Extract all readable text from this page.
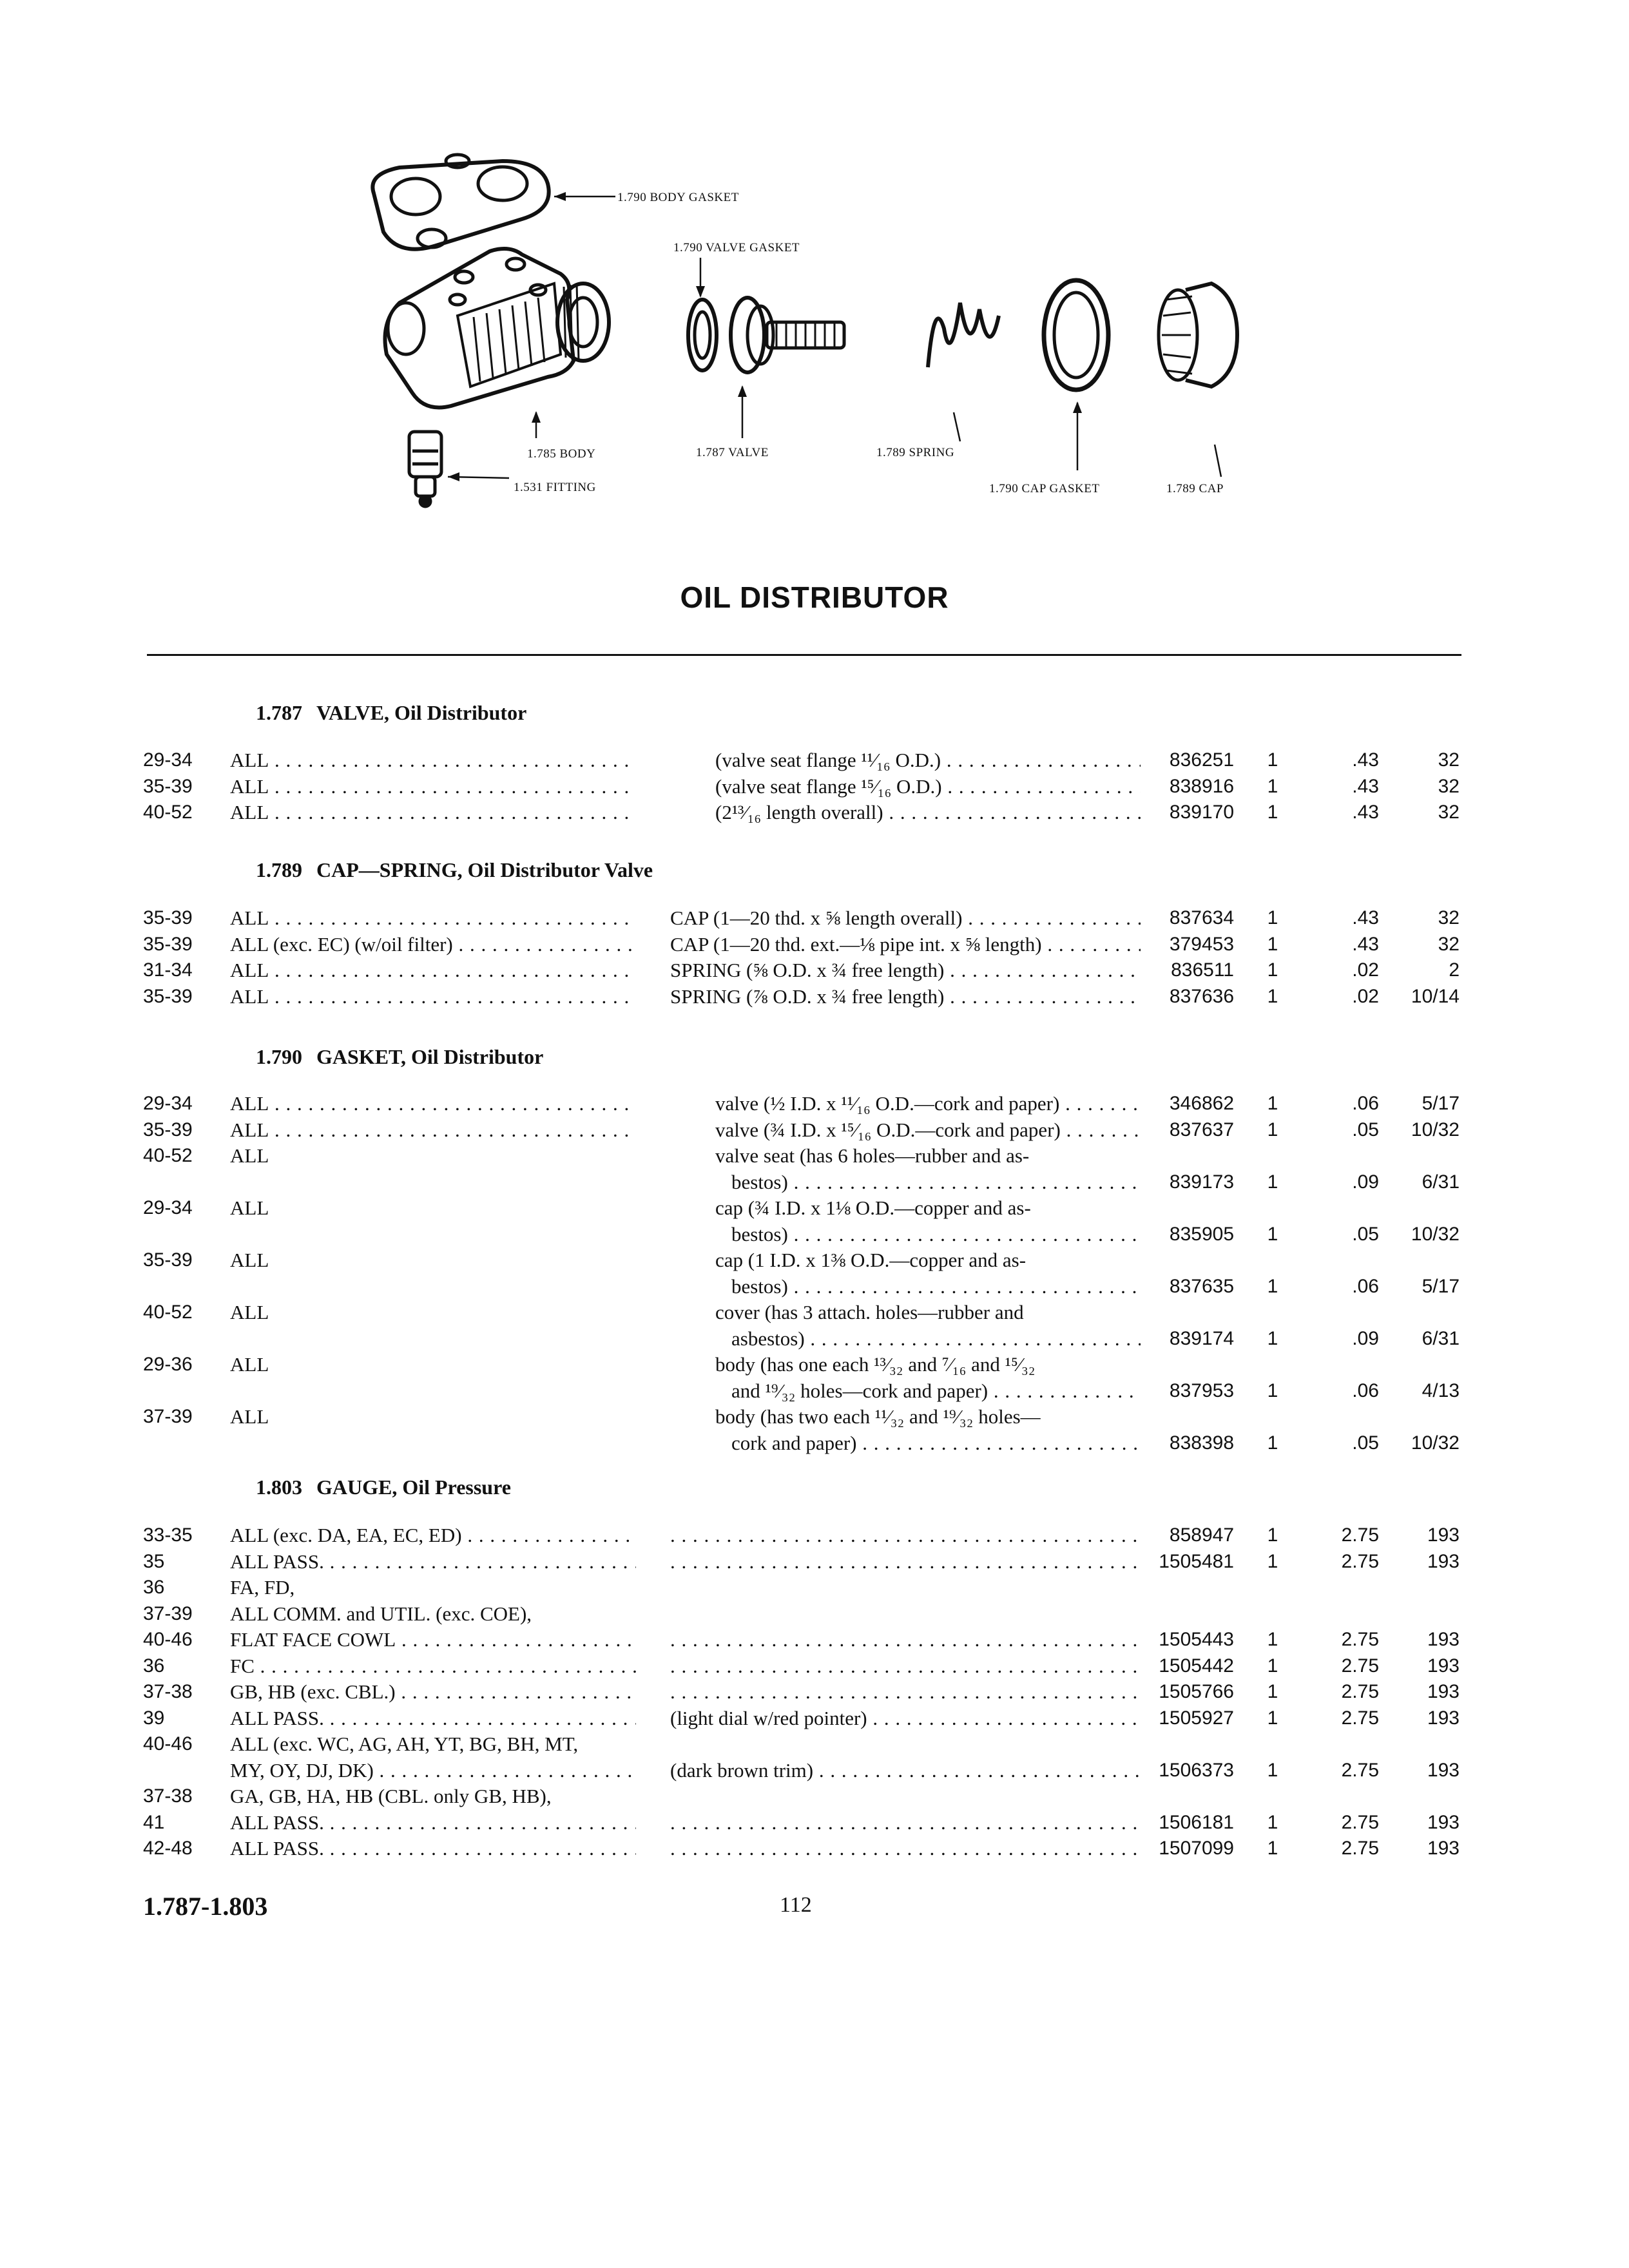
1.790 BODY GASKET
1.790 VALVE GASKET
1.785 BODY
1.531 FITTING
1.787 VALVE	1.789 SPRING
1.790 CAP GASKET	1.789 CAP
OIL DISTRIBUTOR
1.787 VALVE, Oil Distributor
29-34 ALL . . .	(valve seat flange ¹¹⁄₁₆ O.D.) . . .	836251 1	.43	32
35-39 ALL . . .	(valve seat flange ¹⁵⁄₁₆ O.D.) . . .	838916 1	.43	32
40-52 ALL . . .	(2¹³⁄₁₆ length overall) . . .	839170 1	.43	32
1.789 CAP—SPRING, Oil Distributor Valve
35-39 ALL . . .	CAP (1—20 thd. x ⅝ length overall) . . .	837634 1	.43	32
35-39 ALL (exc. EC) (w/oil filter) . . .	CAP (1—20 thd. ext.—⅛ pipe int. x ⅝ length) . . .	379453 1	.43	32
31-34 ALL . . .	SPRING (⅝ O.D. x ¾ free length) . . .	836511 1	.02	2
35-39 ALL . . .	SPRING (⅞ O.D. x ¾ free length) . . .	837636 1	.02	10/14
1.790 GASKET, Oil Distributor
29-34 ALL . . .	valve (½ I.D. x ¹¹⁄₁₆ O.D.—cork and paper) . . .	346862 1	.06	5/17
35-39 ALL . . .	valve (¾ I.D. x ¹⁵⁄₁₆ O.D.—cork and paper) . . .	837637 1	.05	10/32
40-52 ALL	valve seat (has 6 holes—rubber and as-
bestos) . . .	839173 1	.09	6/31
29-34 ALL	cap (¾ I.D. x 1⅛ O.D.—copper and as-
bestos) . . .	835905 1	.05	10/32
35-39 ALL	cap (1 I.D. x 1⅜ O.D.—copper and as-
bestos) . . .	837635 1	.06	5/17
40-52 ALL	cover (has 3 attach. holes—rubber and
asbestos) . . .	839174 1	.09	6/31
29-36 ALL	body (has one each ¹³⁄₃₂ and ⁷⁄₁₆ and ¹⁵⁄₃₂
and ¹⁹⁄₃₂ holes—cork and paper) . . .	837953 1	.06	4/13
37-39 ALL	body (has two each ¹¹⁄₃₂ and ¹⁹⁄₃₂ holes—
cork and paper) . . .	838398 1	.05	10/32
1.803 GAUGE, Oil Pressure
33-35 ALL (exc. DA, EA, EC, ED) . . . . . .	858947 1	2.75	193
35	ALL PASS. . . . . . .	1505481 1	2.75	193
36	FA, FD,
37-39 ALL COMM. and UTIL. (exc. COE),
40-46 FLAT FACE COWL . . . . . .	1505443 1	2.75	193
36	FC . . . . . .	1505442 1	2.75	193
37-38 GB, HB (exc. CBL.) . . . . . .	1505766 1	2.75	193
39	ALL PASS. . . .	(light dial w/red pointer) . . .	1505927 1	2.75	193
40-46 ALL (exc. WC, AG, AH, YT, BG, BH, MT,
MY, OY, DJ, DK) . . .	(dark brown trim) . . .	1506373 1	2.75	193
37-38 GA, GB, HA, HB (CBL. only GB, HB),
41	ALL PASS. . . . . . .	1506181 1	2.75	193
42-48 ALL PASS. . . . . . .	1507099 1	2.75	193
1.787-1.803	112
